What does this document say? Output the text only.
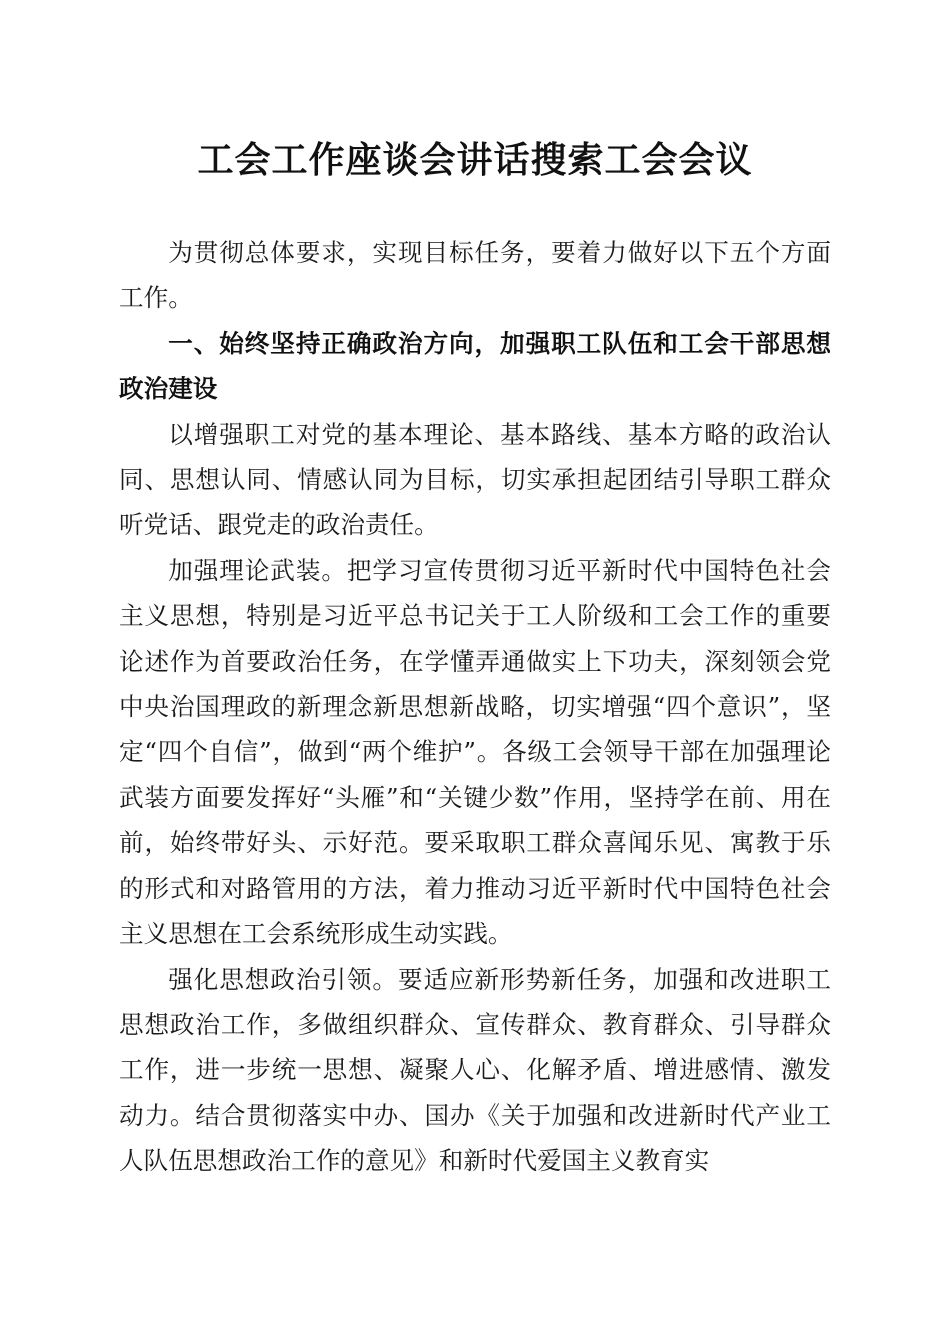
工会工作座谈会讲话搜索工会会议

为贯彻总体要求，实现目标任务，要着力做好以下五个方面工作。

一、始终坚持正确政治方向，加强职工队伍和工会干部思想政治建设

以增强职工对党的基本理论、基本路线、基本方略的政治认同、思想认同、情感认同为目标，切实承担起团结引导职工群众听党话、跟党走的政治责任。

加强理论武装。把学习宣传贯彻习近平新时代中国特色社会主义思想，特别是习近平总书记关于工人阶级和工会工作的重要论述作为首要政治任务，在学懂弄通做实上下功夫，深刻领会党中央治国理政的新理念新思想新战略，切实增强“四个意识”，坚定“四个自信”，做到“两个维护”。各级工会领导干部在加强理论武装方面要发挥好“头雁”和“关键少数”作用，坚持学在前、用在前，始终带好头、示好范。要采取职工群众喜闻乐见、寓教于乐的形式和对路管用的方法，着力推动习近平新时代中国特色社会主义思想在工会系统形成生动实践。

强化思想政治引领。要适应新形势新任务，加强和改进职工思想政治工作，多做组织群众、宣传群众、教育群众、引导群众工作，进一步统一思想、凝聚人心、化解矛盾、增进感情、激发动力。结合贯彻落实中办、国办《关于加强和改进新时代产业工人队伍思想政治工作的意见》和新时代爱国主义教育实
